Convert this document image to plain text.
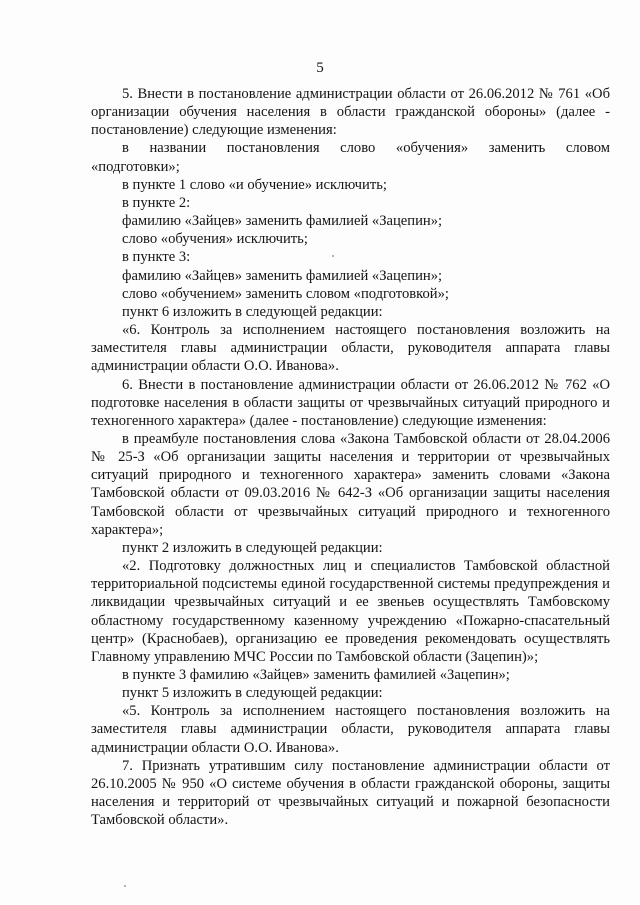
5

5. Внести в постановление администрации области от 26.06.2012 № 761 «Об организации обучения населения в области гражданской обороны» (далее - постановление) следующие изменения:

в названии постановления слово «обучения» заменить словом

«подготовки»;

в пункте 1 слово «и обучение» исключить;

в пункте 2:

фамилию «Зайцев» заменить фамилией «Зацепин»;

слово «обучения» исключить;

в пункте 3:

фамилию «Зайцев» заменить фамилией «Зацепин»;

слово «обучением» заменить словом «подготовкой»;

пункт 6 изложить в следующей редакции:

«6. Контроль за исполнением настоящего постановления возложить на заместителя главы администрации области, руководителя аппарата главы администрации области О.О. Иванова».

6. Внести в постановление администрации области от 26.06.2012 № 762 «О подготовке населения в области защиты от чрезвычайных ситуаций природного и техногенного характера» (далее - постановление) следующие изменения:

в преамбуле постановления слова «Закона Тамбовской области от 28.04.2006 № 25-З «Об организации защиты населения и территории от чрезвычайных ситуаций природного и техногенного характера» заменить словами «Закона Тамбовской области от 09.03.2016 № 642-З «Об организации защиты населения Тамбовской области от чрезвычайных ситуаций природного и техногенного характера»;

пункт 2 изложить в следующей редакции:

«2. Подготовку должностных лиц и специалистов Тамбовской областной территориальной подсистемы единой государственной системы предупреждения и ликвидации чрезвычайных ситуаций и ее звеньев осуществлять Тамбовскому областному государственному казенному учреждению «Пожарно-спасательный центр» (Краснобаев), организацию ее проведения рекомендовать осуществлять Главному управлению МЧС России по Тамбовской области (Зацепин)»;

в пункте 3 фамилию «Зайцев» заменить фамилией «Зацепин»;

пункт 5 изложить в следующей редакции:

«5. Контроль за исполнением настоящего постановления возложить на заместителя главы администрации области, руководителя аппарата главы администрации области О.О. Иванова».

7. Признать утратившим силу постановление администрации области от 26.10.2005 № 950 «О системе обучения в области гражданской обороны, защиты населения и территорий от чрезвычайных ситуаций и пожарной безопасности Тамбовской области».
